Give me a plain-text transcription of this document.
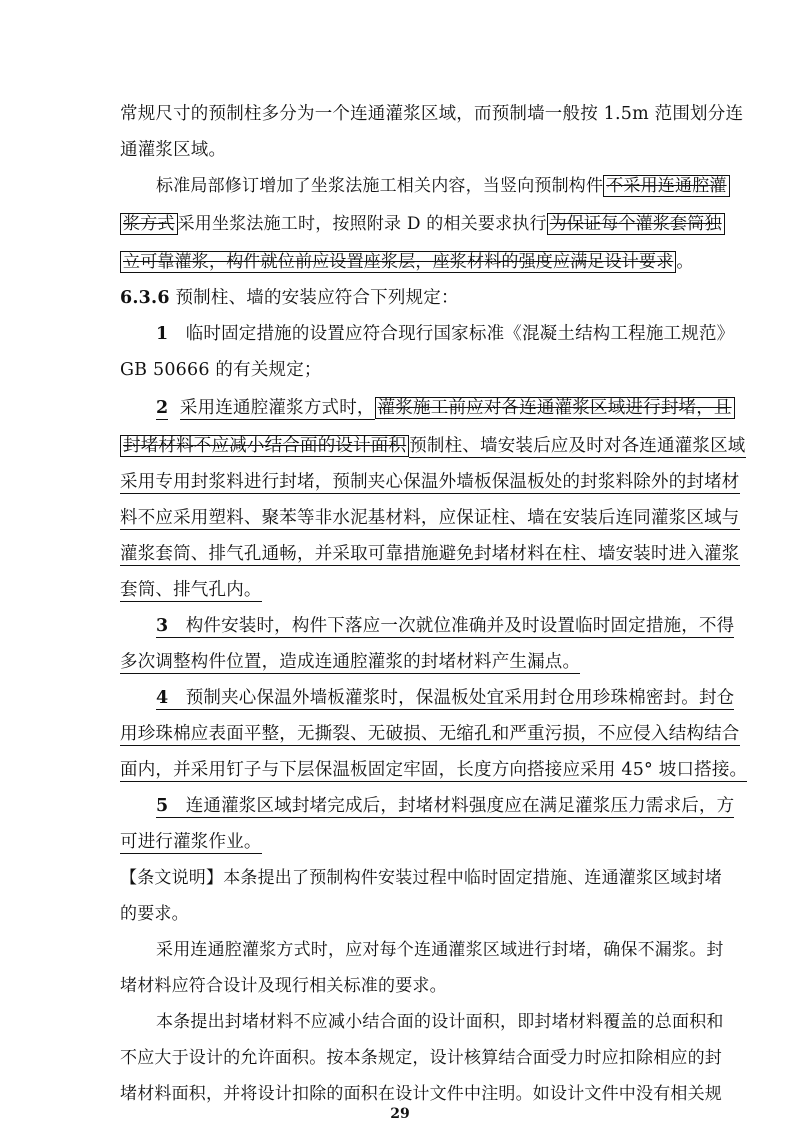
常规尺寸的预制柱多分为一个连通灌浆区域，而预制墙一般按 1.5m 范围划分连
通灌浆区域。
标准局部修订增加了坐浆法施工相关内容，当竖向预制构件 不采用连通腔灌
浆方式 采用坐浆法施工时，按照附录 D 的相关要求执行 为保证每个灌浆套筒独
立可靠灌浆，构件就位前应设置座浆层，座浆材料的强度应满足设计要求 。
6.3.6 预制柱、墙的安装应符合下列规定：
1 临时固定措施的设置应符合现行国家标准《混凝土结构工程施工规范》
GB 50666 的有关规定；
2 采用连通腔灌浆方式时， 灌浆施工前应对各连通灌浆区域进行封堵，且
封堵材料不应减小结合面的设计面积 预制柱、墙安装后应及时对各连通灌浆区域
采用专用封浆料进行封堵，预制夹心保温外墙板保温板处的封浆料除外的封堵材
料不应采用塑料、聚苯等非水泥基材料，应保证柱、墙在安装后连同灌浆区域与
灌浆套筒、排气孔通畅，并采取可靠措施避免封堵材料在柱、墙安装时进入灌浆
套筒、排气孔内。
3 构件安装时，构件下落应一次就位准确并及时设置临时固定措施，不得
多次调整构件位置，造成连通腔灌浆的封堵材料产生漏点。
4 预制夹心保温外墙板灌浆时，保温板处宜采用封仓用珍珠棉密封。封仓
用珍珠棉应表面平整，无撕裂、无破损、无缩孔和严重污损，不应侵入结构结合
面内，并采用钉子与下层保温板固定牢固，长度方向搭接应采用 45° 坡口搭接。
5 连通灌浆区域封堵完成后，封堵材料强度应在满足灌浆压力需求后，方
可进行灌浆作业。
【条文说明】本条提出了预制构件安装过程中临时固定措施、连通灌浆区域封堵
的要求。
采用连通腔灌浆方式时，应对每个连通灌浆区域进行封堵，确保不漏浆。封
堵材料应符合设计及现行相关标准的要求。
本条提出封堵材料不应减小结合面的设计面积，即封堵材料覆盖的总面积和
不应大于设计的允许面积。按本条规定，设计核算结合面受力时应扣除相应的封
堵材料面积，并将设计扣除的面积在设计文件中注明。如设计文件中没有相关规
29
